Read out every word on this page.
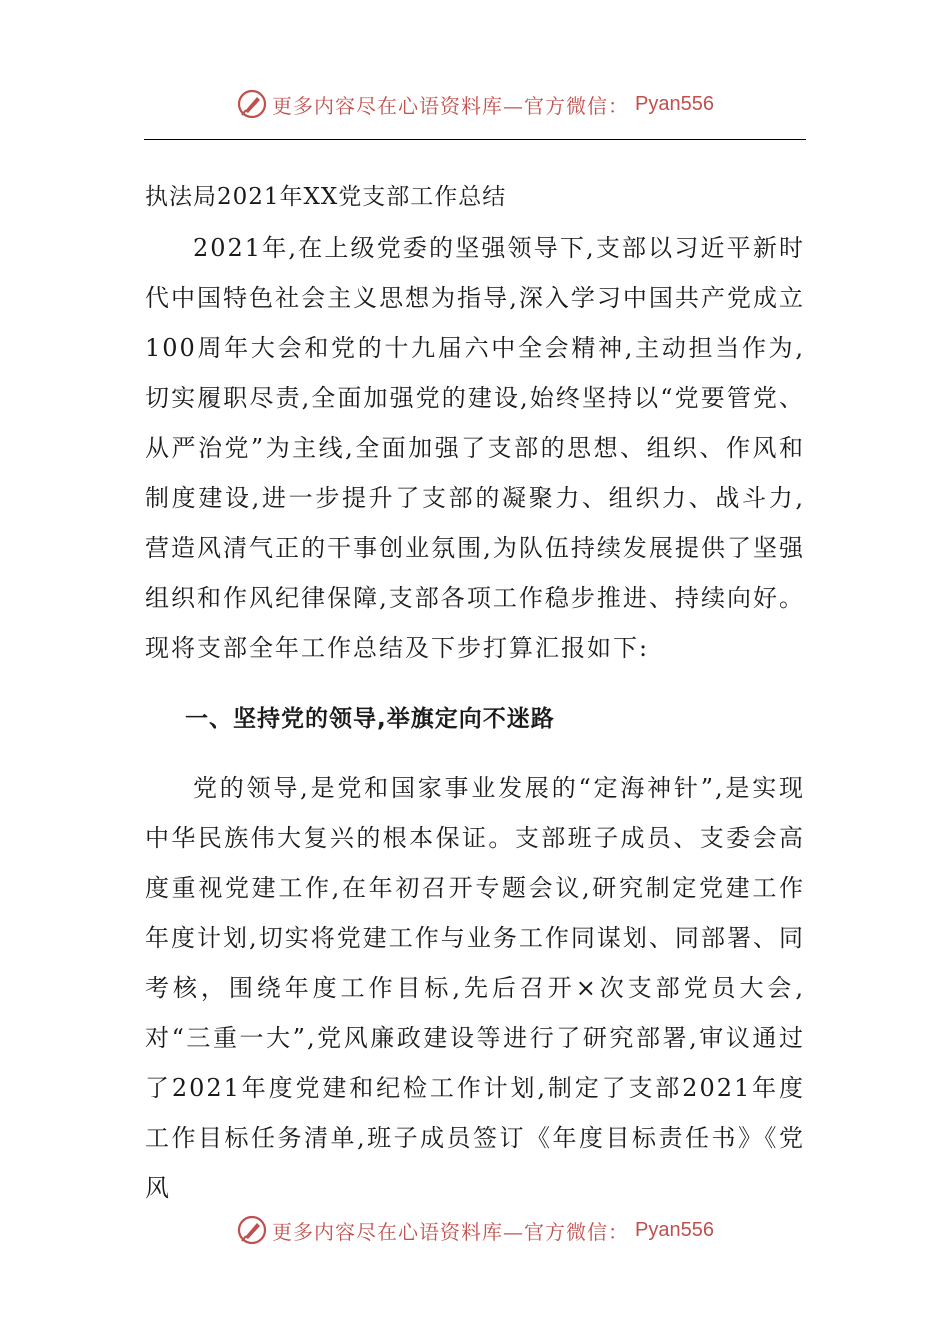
更多内容尽在心语资料库—官方微信： Pyan556
执法局2021年XX党支部工作总结

2021年,在上级党委的坚强领导下,支部以习近平新时代中国特色社会主义思想为指导,深入学习中国共产党成立100周年大会和党的十九届六中全会精神,主动担当作为,切实履职尽责,全面加强党的建设,始终坚持以“党要管党、从严治党”为主线,全面加强了支部的思想、组织、作风和制度建设,进一步提升了支部的凝聚力、组织力、战斗力,营造风清气正的干事创业氛围,为队伍持续发展提供了坚强组织和作风纪律保障,支部各项工作稳步推进、持续向好。现将支部全年工作总结及下步打算汇报如下:

一、坚持党的领导,举旗定向不迷路

党的领导,是党和国家事业发展的“定海神针”,是实现中华民族伟大复兴的根本保证。支部班子成员、支委会高度重视党建工作,在年初召开专题会议,研究制定党建工作年度计划,切实将党建工作与业务工作同谋划、同部署、同考核，围绕年度工作目标,先后召开×次支部党员大会,对“三重一大”,党风廉政建设等进行了研究部署,审议通过了2021年度党建和纪检工作计划,制定了支部2021年度工作目标任务清单,班子成员签订《年度目标责任书》《党风

更多内容尽在心语资料库—官方微信： Pyan556
